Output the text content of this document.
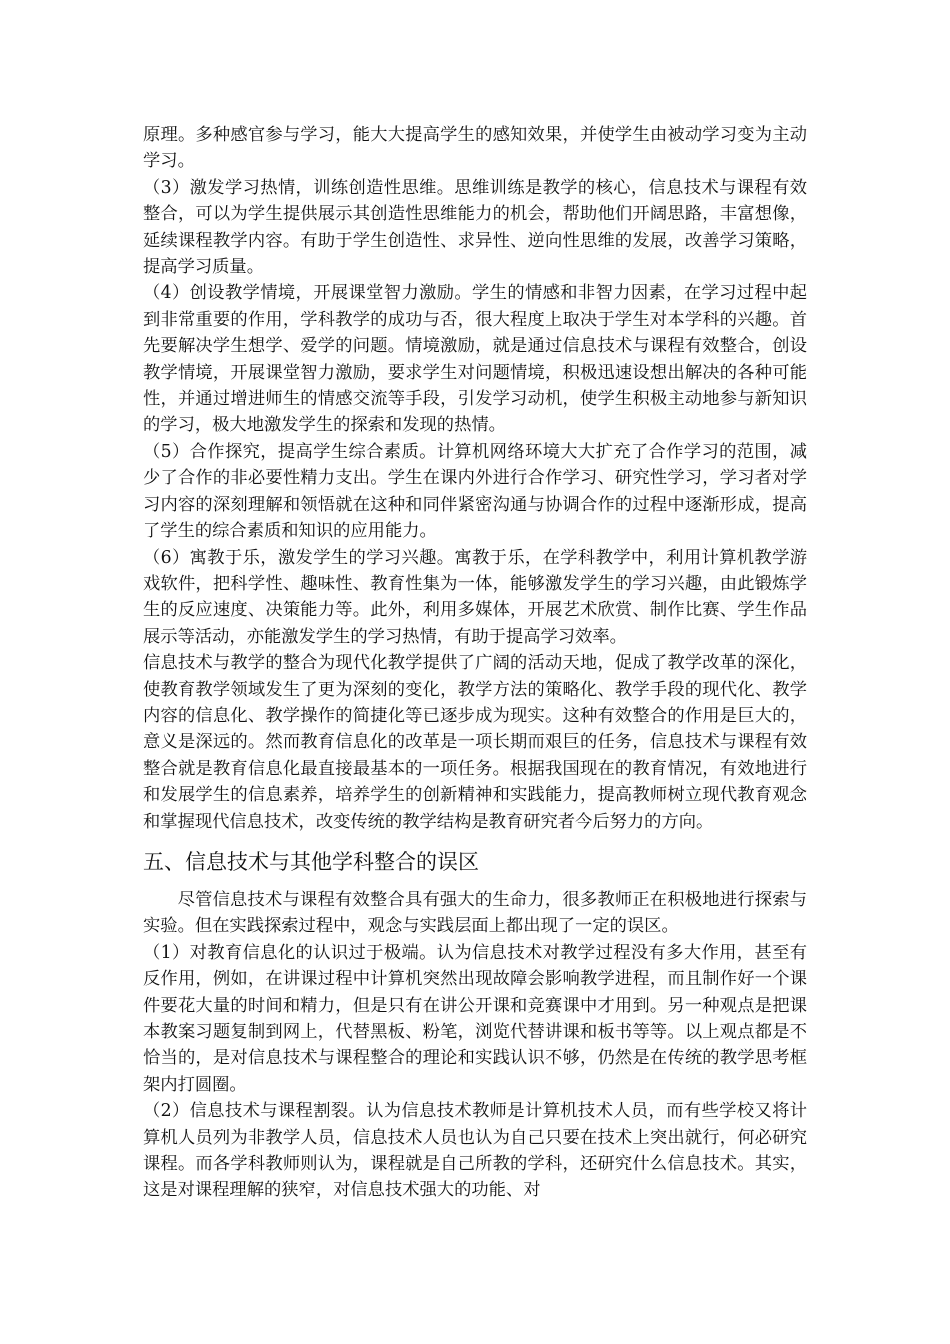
原理。多种感官参与学习，能大大提高学生的感知效果，并使学生由被动学习变为主动学习。

（3）激发学习热情，训练创造性思维。思维训练是教学的核心，信息技术与课程有效整合，可以为学生提供展示其创造性思维能力的机会，帮助他们开阔思路，丰富想像，延续课程教学内容。有助于学生创造性、求异性、逆向性思维的发展，改善学习策略，提高学习质量。

（4）创设教学情境，开展课堂智力激励。学生的情感和非智力因素，在学习过程中起到非常重要的作用，学科教学的成功与否，很大程度上取决于学生对本学科的兴趣。首先要解决学生想学、爱学的问题。情境激励，就是通过信息技术与课程有效整合，创设教学情境，开展课堂智力激励，要求学生对问题情境，积极迅速设想出解决的各种可能性，并通过增进师生的情感交流等手段，引发学习动机，使学生积极主动地参与新知识的学习，极大地激发学生的探索和发现的热情。

（5）合作探究，提高学生综合素质。计算机网络环境大大扩充了合作学习的范围，减少了合作的非必要性精力支出。学生在课内外进行合作学习、研究性学习，学习者对学习内容的深刻理解和领悟就在这种和同伴紧密沟通与协调合作的过程中逐渐形成，提高了学生的综合素质和知识的应用能力。

（6）寓教于乐，激发学生的学习兴趣。寓教于乐，在学科教学中，利用计算机教学游戏软件，把科学性、趣味性、教育性集为一体，能够激发学生的学习兴趣，由此锻炼学生的反应速度、决策能力等。此外，利用多媒体，开展艺术欣赏、制作比赛、学生作品展示等活动，亦能激发学生的学习热情，有助于提高学习效率。

信息技术与教学的整合为现代化教学提供了广阔的活动天地，促成了教学改革的深化，使教育教学领域发生了更为深刻的变化，教学方法的策略化、教学手段的现代化、教学内容的信息化、教学操作的简捷化等已逐步成为现实。这种有效整合的作用是巨大的，意义是深远的。然而教育信息化的改革是一项长期而艰巨的任务，信息技术与课程有效整合就是教育信息化最直接最基本的一项任务。根据我国现在的教育情况，有效地进行和发展学生的信息素养，培养学生的创新精神和实践能力，提高教师树立现代教育观念和掌握现代信息技术，改变传统的教学结构是教育研究者今后努力的方向。

五、信息技术与其他学科整合的误区

尽管信息技术与课程有效整合具有强大的生命力，很多教师正在积极地进行探索与实验。但在实践探索过程中，观念与实践层面上都出现了一定的误区。

（1）对教育信息化的认识过于极端。认为信息技术对教学过程没有多大作用，甚至有反作用，例如，在讲课过程中计算机突然出现故障会影响教学进程，而且制作好一个课件要花大量的时间和精力，但是只有在讲公开课和竞赛课中才用到。另一种观点是把课本教案习题复制到网上，代替黑板、粉笔，浏览代替讲课和板书等等。以上观点都是不恰当的，是对信息技术与课程整合的理论和实践认识不够，仍然是在传统的教学思考框架内打圆圈。

（2）信息技术与课程割裂。认为信息技术教师是计算机技术人员，而有些学校又将计算机人员列为非教学人员，信息技术人员也认为自己只要在技术上突出就行，何必研究课程。而各学科教师则认为，课程就是自己所教的学科，还研究什么信息技术。其实，这是对课程理解的狭窄，对信息技术强大的功能、对
